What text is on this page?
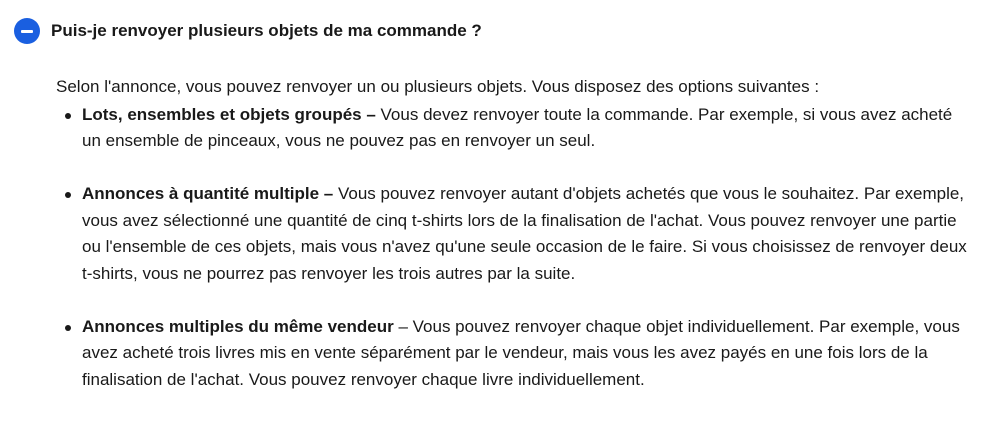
Puis-je renvoyer plusieurs objets de ma commande ?

Selon l'annonce, vous pouvez renvoyer un ou plusieurs objets. Vous disposez des options suivantes :

Lots, ensembles et objets groupés – Vous devez renvoyer toute la commande. Par exemple, si vous avez acheté un ensemble de pinceaux, vous ne pouvez pas en renvoyer un seul.
Annonces à quantité multiple – Vous pouvez renvoyer autant d'objets achetés que vous le souhaitez. Par exemple, vous avez sélectionné une quantité de cinq t-shirts lors de la finalisation de l'achat. Vous pouvez renvoyer une partie ou l'ensemble de ces objets, mais vous n'avez qu'une seule occasion de le faire. Si vous choisissez de renvoyer deux t-shirts, vous ne pourrez pas renvoyer les trois autres par la suite.
Annonces multiples du même vendeur – Vous pouvez renvoyer chaque objet individuellement. Par exemple, vous avez acheté trois livres mis en vente séparément par le vendeur, mais vous les avez payés en une fois lors de la finalisation de l'achat. Vous pouvez renvoyer chaque livre individuellement.
